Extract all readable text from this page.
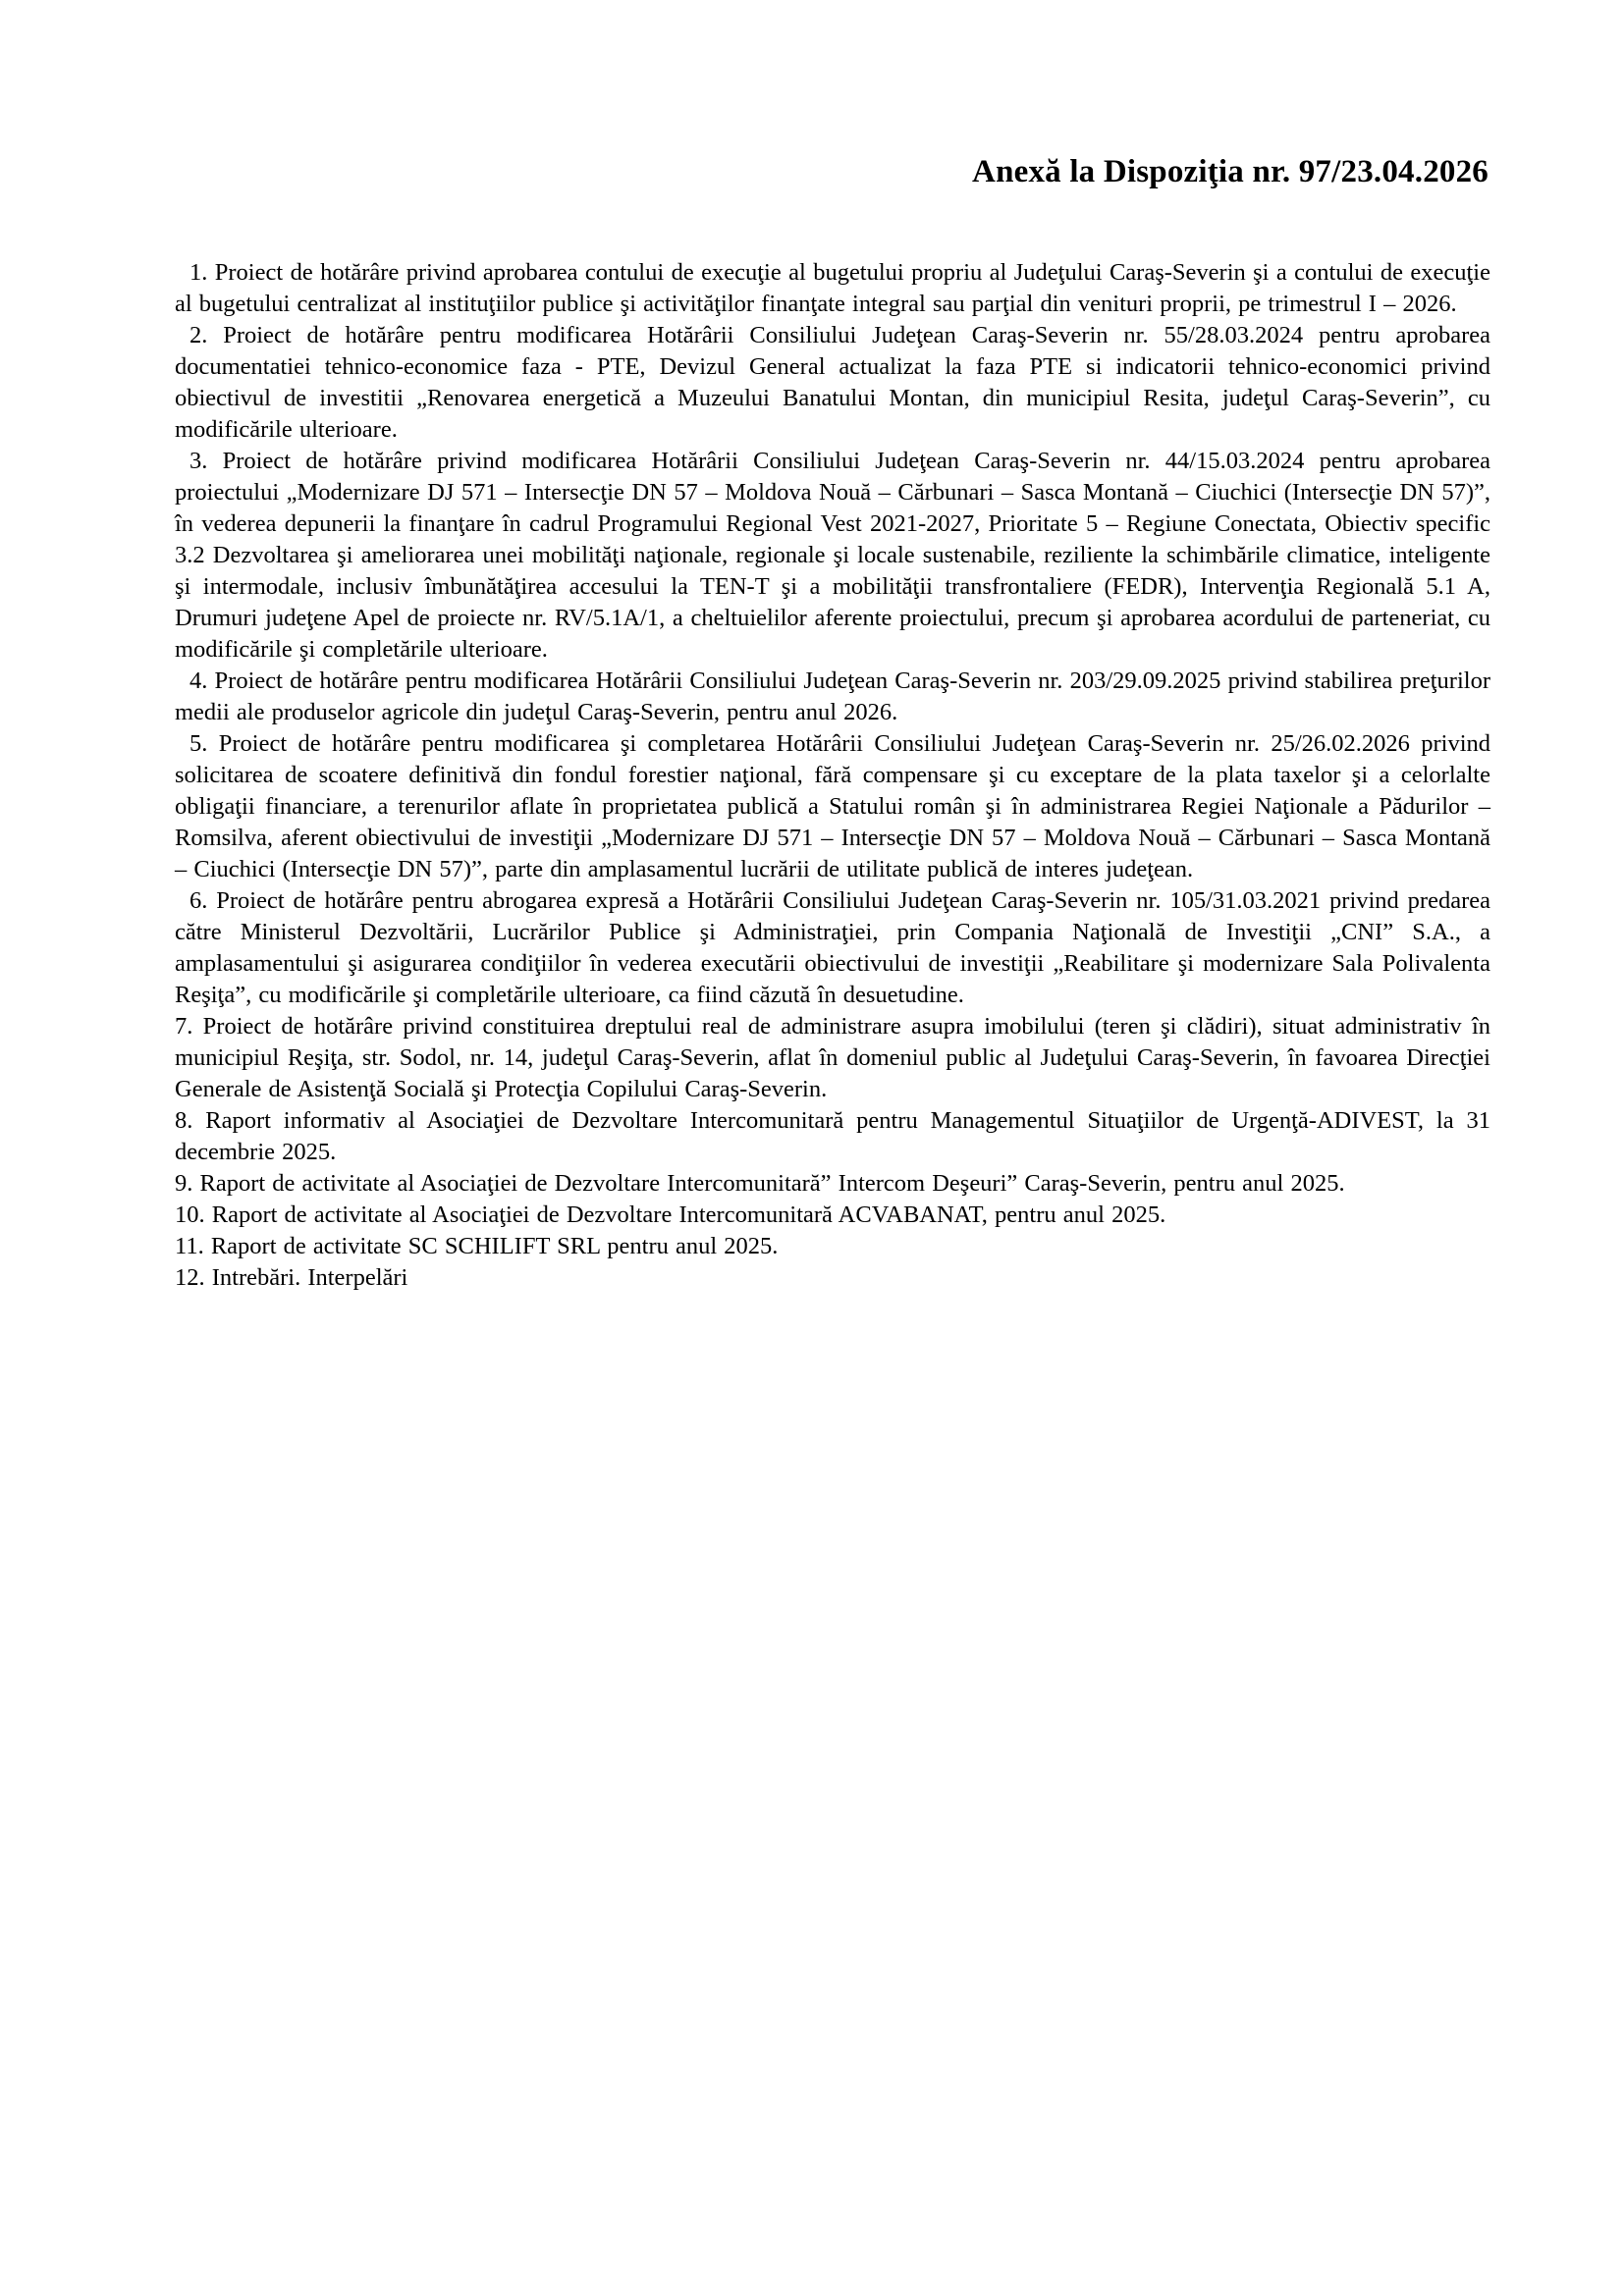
Anexă la Dispoziţia nr. 97/23.04.2026

1. Proiect de hotărâre privind aprobarea contului de execuţie al bugetului propriu al Judeţului Caraş-Severin şi a contului de execuţie al bugetului centralizat al instituţiilor publice şi activităţilor finanţate integral sau parţial din venituri proprii, pe trimestrul I – 2026.

2. Proiect de hotărâre pentru modificarea Hotărârii Consiliului Judeţean Caraş-Severin nr. 55/28.03.2024 pentru aprobarea documentatiei tehnico-economice faza - PTE, Devizul General actualizat la faza PTE si indicatorii tehnico-economici privind obiectivul de investitii „Renovarea energetică a Muzeului Banatului Montan, din municipiul Resita, judeţul Caraş-Severin”, cu modificările ulterioare.

3. Proiect de hotărâre privind modificarea Hotărârii Consiliului Judeţean Caraş-Severin nr. 44/15.03.2024 pentru aprobarea proiectului „Modernizare DJ 571 – Intersecţie DN 57 – Moldova Nouă – Cărbunari – Sasca Montană – Ciuchici (Intersecţie DN 57)”, în vederea depunerii la finanţare în cadrul Programului Regional Vest 2021-2027, Prioritate 5 – Regiune Conectata, Obiectiv specific 3.2 Dezvoltarea şi ameliorarea unei mobilităţi naţionale, regionale şi locale sustenabile, reziliente la schimbările climatice, inteligente şi intermodale, inclusiv îmbunătăţirea accesului la TEN-T şi a mobilităţii transfrontaliere (FEDR), Intervenţia Regională 5.1 A, Drumuri judeţene Apel de proiecte nr. RV/5.1A/1, a cheltuielilor aferente proiectului, precum şi aprobarea acordului de parteneriat, cu modificările şi completările ulterioare.

4. Proiect de hotărâre pentru modificarea Hotărârii Consiliului Judeţean Caraş-Severin nr. 203/29.09.2025 privind stabilirea preţurilor medii ale produselor agricole din judeţul Caraş-Severin, pentru anul 2026.

5. Proiect de hotărâre pentru modificarea şi completarea Hotărârii Consiliului Judeţean Caraş-Severin nr. 25/26.02.2026 privind solicitarea de scoatere definitivă din fondul forestier naţional, fără compensare şi cu exceptare de la plata taxelor şi a celorlalte obligaţii financiare, a terenurilor aflate în proprietatea publică a Statului român şi în administrarea Regiei Naţionale a Pădurilor – Romsilva, aferent obiectivului de investiţii „Modernizare DJ 571 – Intersecţie DN 57 – Moldova Nouă – Cărbunari – Sasca Montană – Ciuchici (Intersecţie DN 57)”, parte din amplasamentul lucrării de utilitate publică de interes judeţean.

6. Proiect de hotărâre pentru abrogarea expresă a Hotărârii Consiliului Judeţean Caraş-Severin nr. 105/31.03.2021 privind predarea către Ministerul Dezvoltării, Lucrărilor Publice şi Administraţiei, prin Compania Naţională de Investiţii „CNI” S.A., a amplasamentului şi asigurarea condiţiilor în vederea executării obiectivului de investiţii „Reabilitare şi modernizare Sala Polivalenta Reşiţa”, cu modificările şi completările ulterioare, ca fiind căzută în desuetudine.

7. Proiect de hotărâre privind constituirea dreptului real de administrare asupra imobilului (teren şi clădiri), situat administrativ în municipiul Reşiţa, str. Sodol, nr. 14, judeţul Caraş-Severin, aflat în domeniul public al Judeţului Caraş-Severin, în favoarea Direcţiei Generale de Asistenţă Socială şi Protecţia Copilului Caraş-Severin.

8. Raport informativ al Asociaţiei de Dezvoltare Intercomunitară pentru Managementul Situaţiilor de Urgenţă-ADIVEST, la 31 decembrie 2025.

9. Raport de activitate al Asociaţiei de Dezvoltare Intercomunitară” Intercom Deşeuri” Caraş-Severin, pentru anul 2025.

10. Raport de activitate al Asociaţiei de Dezvoltare Intercomunitară ACVABANAT, pentru anul 2025.

11. Raport de activitate SC SCHILIFT SRL pentru anul 2025.

12. Intrebări. Interpelări
